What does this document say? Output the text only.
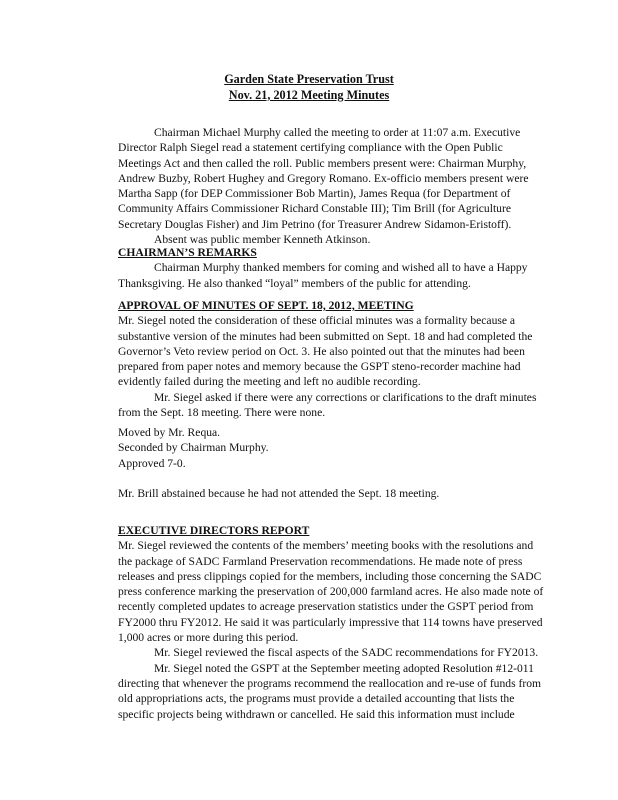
Garden State Preservation Trust
Nov. 21, 2012 Meeting Minutes

Chairman Michael Murphy called the meeting to order at 11:07 a.m. Executive Director Ralph Siegel read a statement certifying compliance with the Open Public Meetings Act and then called the roll. Public members present were: Chairman Murphy, Andrew Buzby, Robert Hughey and Gregory Romano. Ex-officio members present were Martha Sapp (for DEP Commissioner Bob Martin), James Requa (for Department of Community Affairs Commissioner Richard Constable III); Tim Brill (for Agriculture Secretary Douglas Fisher) and Jim Petrino (for Treasurer Andrew Sidamon-Eristoff).

Absent was public member Kenneth Atkinson.

CHAIRMAN’S REMARKS

Chairman Murphy thanked members for coming and wished all to have a Happy Thanksgiving. He also thanked “loyal” members of the public for attending.

APPROVAL OF MINUTES OF SEPT. 18, 2012, MEETING

Mr. Siegel noted the consideration of these official minutes was a formality because a substantive version of the minutes had been submitted on Sept. 18 and had completed the Governor’s Veto review period on Oct. 3. He also pointed out that the minutes had been prepared from paper notes and memory because the GSPT steno-recorder machine had evidently failed during the meeting and left no audible recording.

Mr. Siegel asked if there were any corrections or clarifications to the draft minutes from the Sept. 18 meeting. There were none.

Moved by Mr. Requa.

Seconded by Chairman Murphy.

Approved 7-0.

Mr. Brill abstained because he had not attended the Sept. 18 meeting.

EXECUTIVE DIRECTORS REPORT

Mr. Siegel reviewed the contents of the members’ meeting books with the resolutions and the package of SADC Farmland Preservation recommendations. He made note of press releases and press clippings copied for the members, including those concerning the SADC press conference marking the preservation of 200,000 farmland acres. He also made note of recently completed updates to acreage preservation statistics under the GSPT period from FY2000 thru FY2012. He said it was particularly impressive that 114 towns have preserved 1,000 acres or more during this period.

Mr. Siegel reviewed the fiscal aspects of the SADC recommendations for FY2013.

Mr. Siegel noted the GSPT at the September meeting adopted Resolution #12-011 directing that whenever the programs recommend the reallocation and re-use of funds from old appropriations acts, the programs must provide a detailed accounting that lists the specific projects being withdrawn or cancelled. He said this information must include
